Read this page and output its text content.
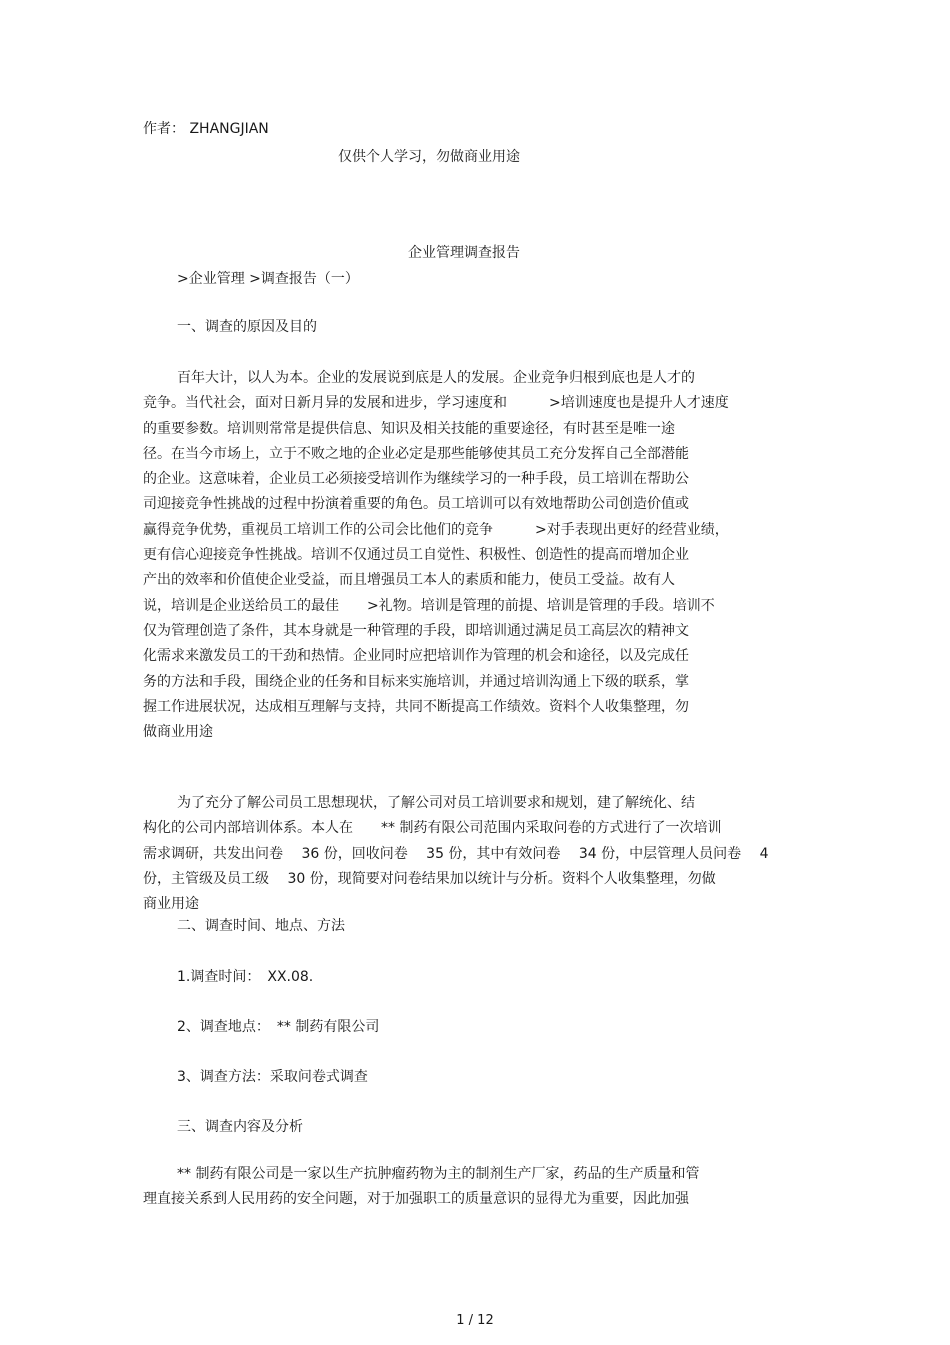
作者： ZHANGJIAN
仅供个人学习，勿做商业用途
企业管理调查报告
>企业管理 >调查报告（一）
一、调查的原因及目的
百年大计，以人为本。企业的发展说到底是人的发展。企业竞争归根到底也是人才的
竞争。当代社会，面对日新月异的发展和进步，学习速度和　　　>培训速度也是提升人才速度
的重要参数。培训则常常是提供信息、知识及相关技能的重要途径，有时甚至是唯一途
径。在当今市场上，立于不败之地的企业必定是那些能够使其员工充分发挥自己全部潜能
的企业。这意味着，企业员工必须接受培训作为继续学习的一种手段，员工培训在帮助公
司迎接竞争性挑战的过程中扮演着重要的角色。员工培训可以有效地帮助公司创造价值或
赢得竞争优势，重视员工培训工作的公司会比他们的竞争　　　>对手表现出更好的经营业绩，
更有信心迎接竞争性挑战。培训不仅通过员工自觉性、积极性、创造性的提高而增加企业
产出的效率和价值使企业受益，而且增强员工本人的素质和能力，使员工受益。故有人
说，培训是企业送给员工的最佳　　>礼物。培训是管理的前提、培训是管理的手段。培训不
仅为管理创造了条件，其本身就是一种管理的手段，即培训通过满足员工高层次的精神文
化需求来激发员工的干劲和热情。企业同时应把培训作为管理的机会和途径，以及完成任
务的方法和手段，围绕企业的任务和目标来实施培训，并通过培训沟通上下级的联系，掌
握工作进展状况，达成相互理解与支持，共同不断提高工作绩效。资料个人收集整理，勿
做商业用途
为了充分了解公司员工思想现状，了解公司对员工培训要求和规划，建了解统化、结
构化的公司内部培训体系。本人在　　** 制药有限公司范围内采取问卷的方式进行了一次培训
需求调研，共发出问卷　 36 份，回收问卷　 35 份，其中有效问卷　 34 份，中层管理人员问卷　 4
份，主管级及员工级　 30 份，现简要对问卷结果加以统计与分析。资料个人收集整理，勿做
商业用途
二、调查时间、地点、方法
1.调查时间：　XX.08.
2、调查地点：　** 制药有限公司
3、调查方法：采取问卷式调查
三、调查内容及分析
** 制药有限公司是一家以生产抗肿瘤药物为主的制剂生产厂家，药品的生产质量和管
理直接关系到人民用药的安全问题，对于加强职工的质量意识的显得尤为重要，因此加强
1 / 12
